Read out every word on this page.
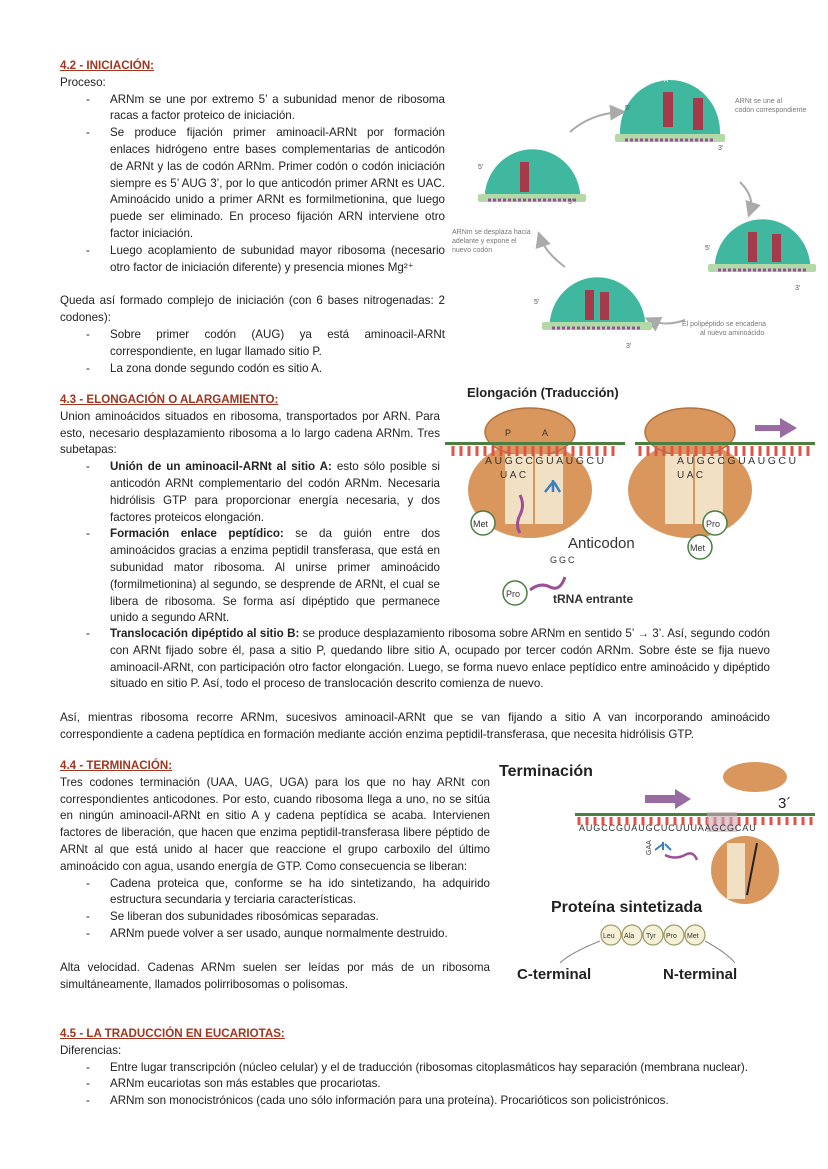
4.2 - INICIACIÓN:
Proceso:
- ARNm se une por extremo 5’ a subunidad menor de ribosoma racas a factor proteico de iniciación.
- Se produce fijación primer aminoacil-ARNt por formación enlaces hidrógeno entre bases complementarias de anticodón de ARNt y las de codón ARNm. Primer codón o codón iniciación siempre es 5’ AUG 3’, por lo que anticodón primer ARNt es UAC. Aminoácido unido a primer ARNt es formilmetionina, que luego puede ser eliminado. En proceso fijación ARN interviene otro factor iniciación.
- Luego acoplamiento de subunidad mayor ribosoma (necesario otro factor de iniciación diferente) y presencia miones Mg²⁺
Queda así formado complejo de iniciación (con 6 bases nitrogenadas: 2 codones):
- Sobre primer codón (AUG) ya está aminoacil-ARNt correspondiente, en lugar llamado sitio P.
- La zona donde segundo codón es sitio A.
E P A
5’
3’
ARNt se une al codón correspondiente
5’
3’
ARNm se desplaza hacia adelante y expone el nuevo codón	5’
3’
5’
3’
El polipéptido se encadena al nuevo aminoácido
4.3 - ELONGACIÓN O ALARGAMIENTO:
Union aminoácidos situados en ribosoma, transportados por ARN. Para esto, necesario desplazamiento ribosoma a lo largo cadena ARNm. Tres subetapas:
- Unión de un aminoacil-ARNt al sitio A: esto sólo posible si anticodón ARNt complementario del codón ARNm. Necesaria hidrólisis GTP para proporcionar energía necesaria, y dos factores proteicos elongación.
- Formación enlace peptídico: se da guión entre dos aminoácidos gracias a enzima peptidil transferasa, que está en subunidad mator ribosoma. Al unirse primer aminoácido (formilmetionina) al segundo, se desprende de ARNt, el cual se libera de ribosoma. Se forma así dipéptido que permanece unido a segundo ARNt.
- Translocación dipéptido al sitio B: se produce desplazamiento ribosoma sobre ARNm en sentido 5’ → 3’. Así, segundo codón con ARNt fijado sobre él, pasa a sitio P, quedando libre sitio A, ocupado por tercer codón ARNm. Sobre éste se fija nuevo aminoacil-ARNt, con participación otro factor elongación. Luego, se forma nuevo enlace peptídico entre aminoácido y dipéptido situado en sitio P. Así, todo el proceso de translocación descrito comienza de nuevo.
Así, mientras ribosoma recorre ARNm, sucesivos aminoacil-ARNt que se van fijando a sitio A van incorporando aminoácido correspondiente a cadena peptídica en formación mediante acción enzima peptidil-transferasa, que necesita hidrólisis GTP.
Elongación (Traducción)
P	A
AUGCCGUAUGCU
UAC
Met
AUGCCGUAUGCU
UAC
Pro
Met
Anticodon
GGC
Pro	tRNA entrante
4.4 - TERMINACIÓN:
Tres codones terminación (UAA, UAG, UGA) para los que no hay ARNt con correspondientes anticodones. Por esto, cuando ribosoma llega a uno, no se sitúa en ningún aminoacil-ARNt en sitio A y cadena peptídica se acaba. Intervienen factores de liberación, que hacen que enzima peptidil-transferasa libere péptido de ARNt al que está unido al hacer que reaccione el grupo carboxilo del último aminoácido con agua, usando energía de GTP. Como consecuencia se liberan:
- Cadena proteica que, conforme se ha ido sintetizando, ha adquirido estructura secundaria y terciaria características.
- Se liberan dos subunidades ribosómicas separadas.
- ARNm puede volver a ser usado, aunque normalmente destruido.
Alta velocidad. Cadenas ARNm suelen ser leídas por más de un ribosoma simultáneamente, llamados polirribosomas o polisomas.
Terminación
3´
AUGCCGUAUGCUCUUUAAGCGCAU
GAA
Proteína sintetizada
Leu Ala Tyr Pro Met
C-terminal	N-terminal
4.5 - LA TRADUCCIÓN EN EUCARIOTAS:
Diferencias:
- Entre lugar transcripción (núcleo celular) y el de traducción (ribosomas citoplasmáticos hay separación (membrana nuclear).
- ARNm eucariotas son más estables que procariotas.
- ARNm son monocistrónicos (cada uno sólo información para una proteína). Procarióticos son policistrónicos.
